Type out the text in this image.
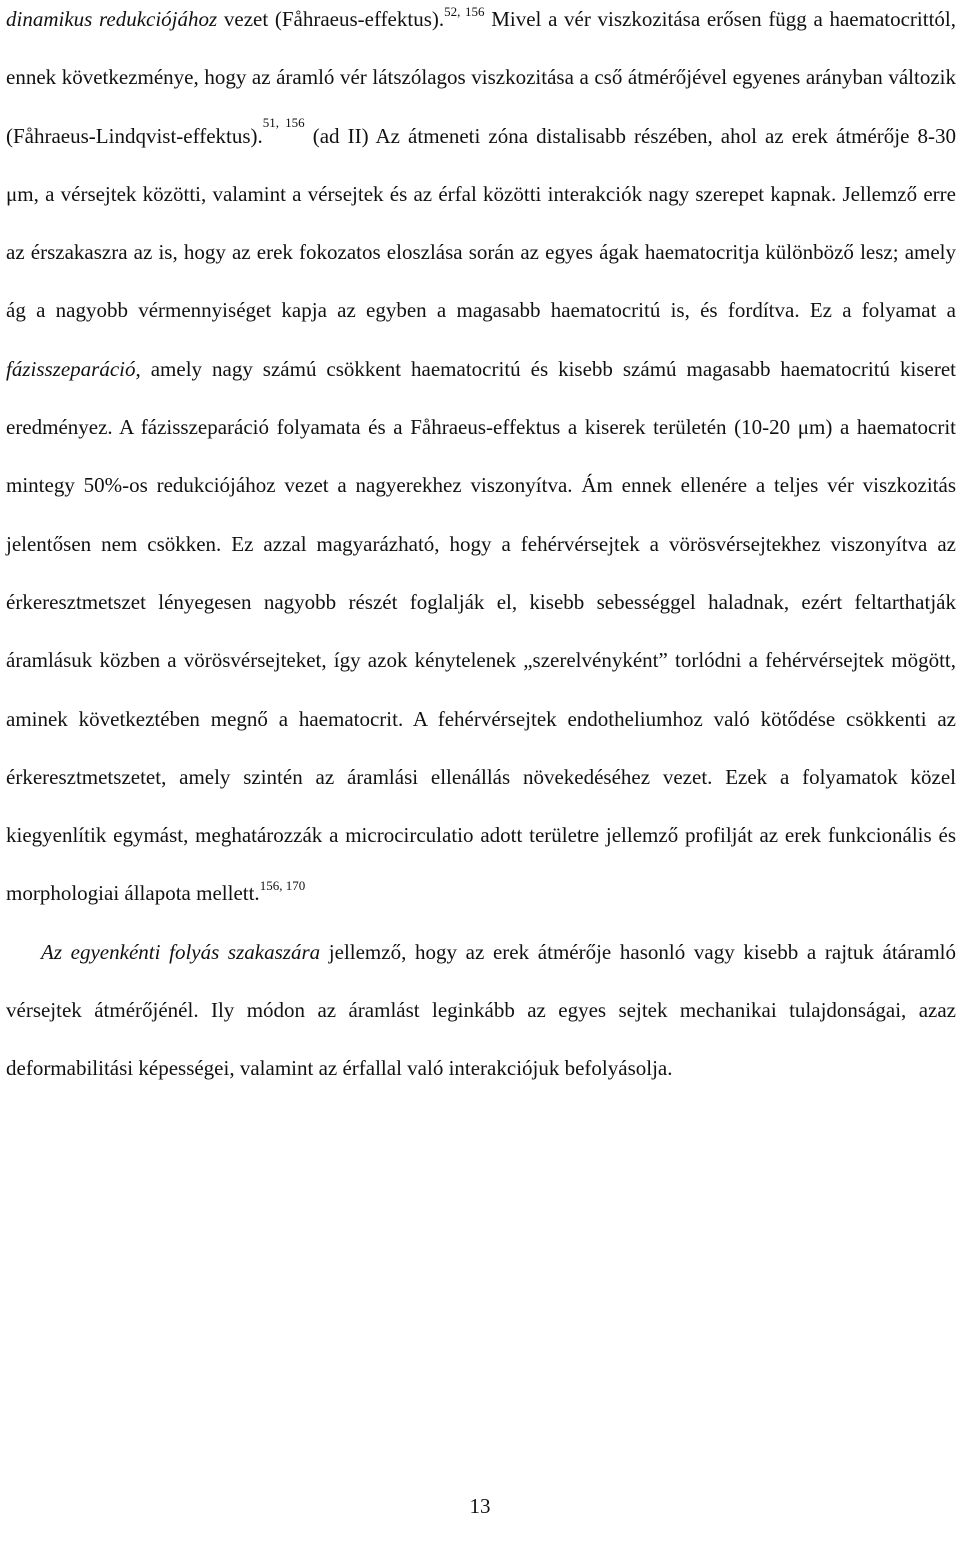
dinamikus redukciójához vezet (Fåhraeus-effektus).$^{52, 156}$ Mivel a vér viszkozitása erősen függ a haematocrittól, ennek következménye, hogy az áramló vér látszólagos viszkozitása a cső átmérőjével egyenes arányban változik (Fåhraeus-Lindqvist-effektus).$^{51, 156}$ (ad II) Az átmeneti zóna distalisabb részében, ahol az erek átmérője 8-30 μm, a vérsejtek közötti, valamint a vérsejtek és az érfal közötti interakciók nagy szerepet kapnak. Jellemző erre az érszakaszra az is, hogy az erek fokozatos eloszlása során az egyes ágak haematocritja különböző lesz; amely ág a nagyobb vérmennyiséget kapja az egyben a magasabb haematocritú is, és fordítva. Ez a folyamat a fázisszeparáció, amely nagy számú csökkent haematocritú és kisebb számú magasabb haematocritú kiseret eredményez. A fázisszeparáció folyamata és a Fåhraeus-effektus a kiserek területén (10-20 μm) a haematocrit mintegy 50%-os redukciójához vezet a nagyerekhez viszonyítva. Ám ennek ellenére a teljes vér viszkozitás jelentősen nem csökken. Ez azzal magyarázható, hogy a fehérvérsejtek a vörösvérsejtekhez viszonyítva az érkeresztmetszet lényegesen nagyobb részét foglalják el, kisebb sebességgel haladnak, ezért feltarthatják áramlásuk közben a vörösvérsejteket, így azok kénytelenek „szerelvényként” torlódni a fehérvérsejtek mögött, aminek következtében megnő a haematocrit. A fehérvérsejtek endotheliumhoz való kötődése csökkenti az érkeresztmetszetet, amely szintén az áramlási ellenállás növekedéséhez vezet. Ezek a folyamatok közel kiegyenlítik egymást, meghatározzák a microcirculatio adott területre jellemző profilját az erek funkcionális és morphologiai állapota mellett.$^{156, 170}$

Az egyenkénti folyás szakaszára jellemző, hogy az erek átmérője hasonló vagy kisebb a rajtuk átáramló vérsejtek átmérőjénél. Ily módon az áramlást leginkább az egyes sejtek mechanikai tulajdonságai, azaz deformabilitási képességei, valamint az érfallal való interakciójuk befolyásolja.

13
